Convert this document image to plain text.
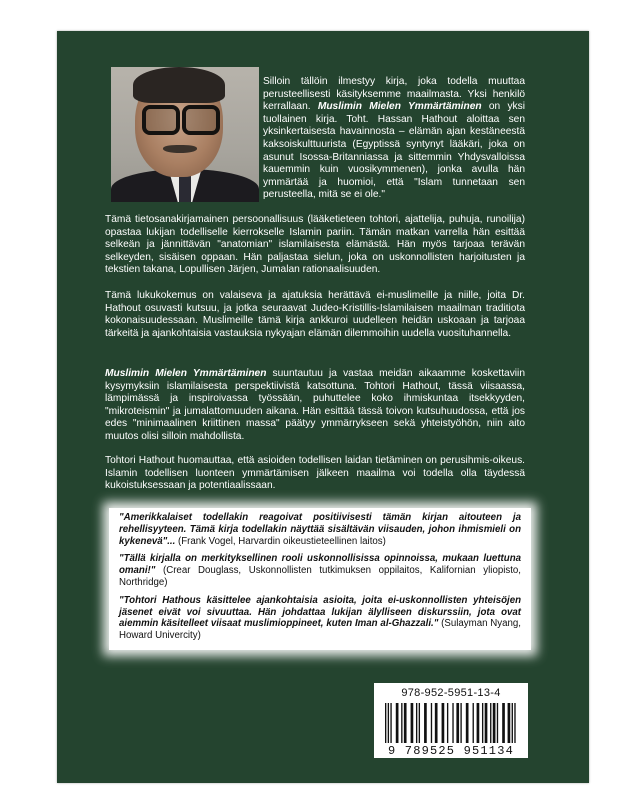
Silloin tällöin ilmestyy kirja, joka todella muuttaa perusteellisesti käsityksemme maailmasta. Yksi henkilö kerrallaan. Muslimin Mielen Ymmärtäminen on yksi tuollainen kirja. Toht. Hassan Hathout aloittaa sen yksinkertaisesta havainnosta – elämän ajan kestäneestä kaksoiskulttuurista (Egyptissä syntynyt lääkäri, joka on asunut Isossa-Britanniassa ja sittemmin Yhdysvalloissa kauemmin kuin vuosikymmenen), jonka avulla hän ymmärtää ja huomioi, että "Islam tunnetaan sen perusteella, mitä se ei ole."

Tämä tietosanakirjamainen persoonallisuus (lääketieteen tohtori, ajattelija, puhuja, runoilija) opastaa lukijan todelliselle kierrokselle Islamin pariin. Tämän matkan varrella hän esittää selkeän ja jännittävän "anatomian" islamilaisesta elämästä. Hän myös tarjoaa terävän selkeyden, sisäisen oppaan. Hän paljastaa sielun, joka on uskonnollisten harjoitusten ja tekstien takana, Lopullisen Järjen, Jumalan rationaalisuuden.

Tämä lukukokemus on valaiseva ja ajatuksia herättävä ei-muslimeille ja niille, joita Dr. Hathout osuvasti kutsuu, ja jotka seuraavat Judeo-Kristillis-Islamilaisen maailman traditiota kokonaisuudessaan. Muslimeille tämä kirja ankkuroi uudelleen heidän uskoaan ja tarjoaa tärkeitä ja ajankohtaisia vastauksia nykyajan elämän dilemmoihin uudella vuosituhannella.

Muslimin Mielen Ymmärtäminen suuntautuu ja vastaa meidän aikaamme koskettaviin kysymyksiin islamilaisesta perspektiivistä katsottuna. Tohtori Hathout, tässä viisaassa, lämpimässä ja inspiroivassa työssään, puhuttelee koko ihmiskuntaa itsekkyyden, "mikroteismin" ja jumalattomuuden aikana. Hän esittää tässä toivon kutsuhuudossa, että jos edes "minimaalinen kriittinen massa" päätyy ymmärrykseen sekä yhteistyöhön, niin aito muutos olisi silloin mahdollista.

Tohtori Hathout huomauttaa, että asioiden todellisen laidan tietäminen on perusihmis-oikeus. Islamin todellisen luonteen ymmärtämisen jälkeen maailma voi todella olla täydessä kukoistuksessaan ja potentiaalissaan.

"Amerikkalaiset todellakin reagoivat positiivisesti tämän kirjan aitouteen ja rehellisyyteen. Tämä kirja todellakin näyttää sisältävän viisauden, johon ihmismieli on kykenevä"... (Frank Vogel, Harvardin oikeustieteellinen laitos)

"Tällä kirjalla on merkityksellinen rooli uskonnollisissa opinnoissa, mukaan luettuna omani!" (Crear Douglass, Uskonnollisten tutkimuksen oppilaitos, Kalifornian yliopisto, Northridge)

"Tohtori Hathous käsittelee ajankohtaisia asioita, joita ei-uskonnollisten yhteisöjen jäsenet eivät voi sivuuttaa. Hän johdattaa lukijan älylliseen diskurssiin, jota ovat aiemmin käsitelleet viisaat muslimioppineet, kuten Iman al-Ghazzali." (Sulayman Nyang, Howard Univercity)

978-952-5951-13-4
9 789525 951134
